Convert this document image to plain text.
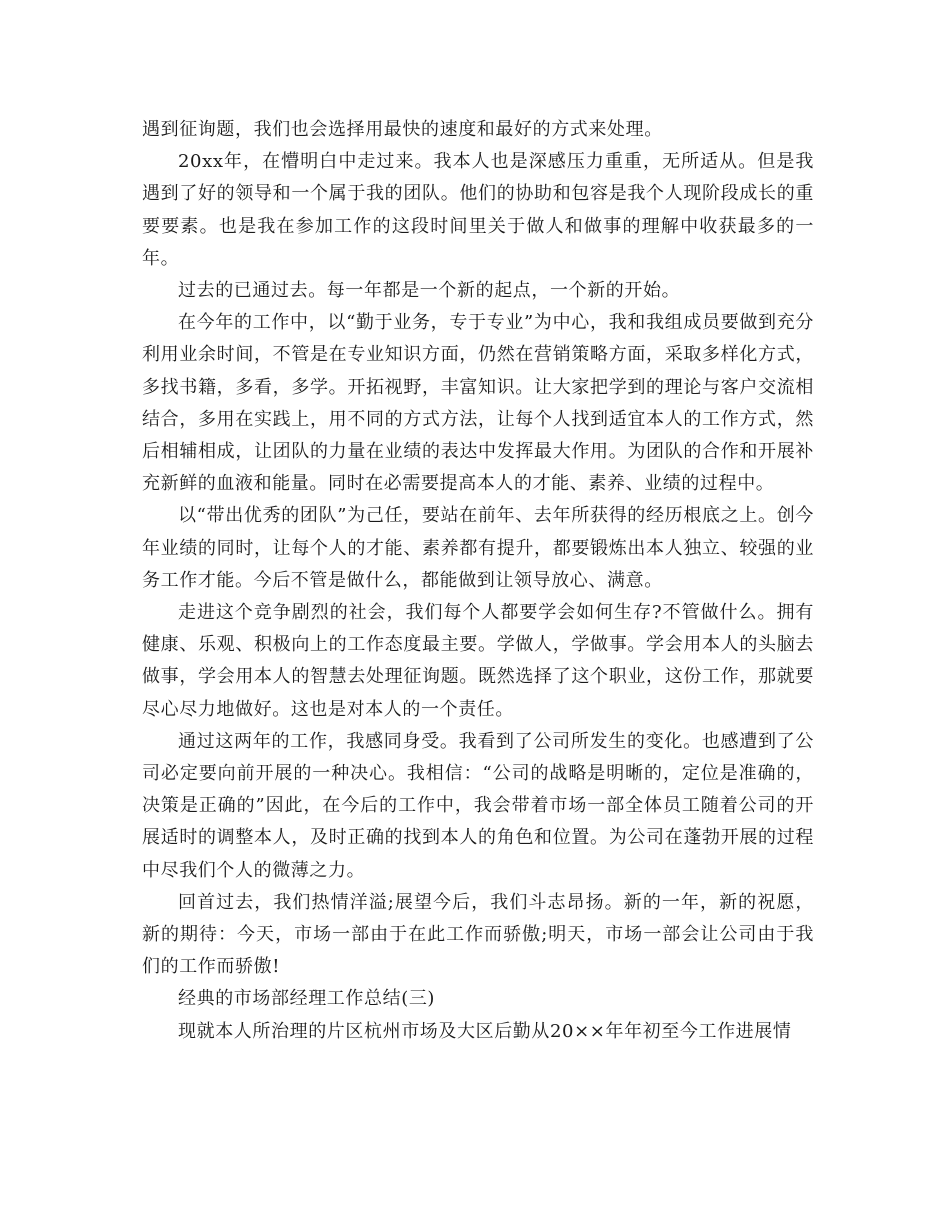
遇到征询题，我们也会选择用最快的速度和最好的方式来处理。

20xx年，在懵明白中走过来。我本人也是深感压力重重，无所适从。但是我遇到了好的领导和一个属于我的团队。他们的协助和包容是我个人现阶段成长的重要要素。也是我在参加工作的这段时间里关于做人和做事的理解中收获最多的一年。

过去的已通过去。每一年都是一个新的起点，一个新的开始。

在今年的工作中，以“勤于业务，专于专业”为中心，我和我组成员要做到充分利用业余时间，不管是在专业知识方面，仍然在营销策略方面，采取多样化方式，多找书籍，多看，多学。开拓视野，丰富知识。让大家把学到的理论与客户交流相结合，多用在实践上，用不同的方式方法，让每个人找到适宜本人的工作方式，然后相辅相成，让团队的力量在业绩的表达中发挥最大作用。为团队的合作和开展补充新鲜的血液和能量。同时在必需要提高本人的才能、素养、业绩的过程中。

以“带出优秀的团队”为己任，要站在前年、去年所获得的经历根底之上。创今年业绩的同时，让每个人的才能、素养都有提升，都要锻炼出本人独立、较强的业务工作才能。今后不管是做什么，都能做到让领导放心、满意。

走进这个竞争剧烈的社会，我们每个人都要学会如何生存?不管做什么。拥有健康、乐观、积极向上的工作态度最主要。学做人，学做事。学会用本人的头脑去做事，学会用本人的智慧去处理征询题。既然选择了这个职业，这份工作，那就要尽心尽力地做好。这也是对本人的一个责任。

通过这两年的工作，我感同身受。我看到了公司所发生的变化。也感遭到了公司必定要向前开展的一种决心。我相信：“公司的战略是明晰的，定位是准确的，决策是正确的”因此，在今后的工作中，我会带着市场一部全体员工随着公司的开展适时的调整本人，及时正确的找到本人的角色和位置。为公司在蓬勃开展的过程中尽我们个人的微薄之力。

回首过去，我们热情洋溢;展望今后，我们斗志昂扬。新的一年，新的祝愿，新的期待：今天，市场一部由于在此工作而骄傲;明天，市场一部会让公司由于我们的工作而骄傲!

经典的市场部经理工作总结(三)

现就本人所治理的片区杭州市场及大区后勤从20××年年初至今工作进展情
